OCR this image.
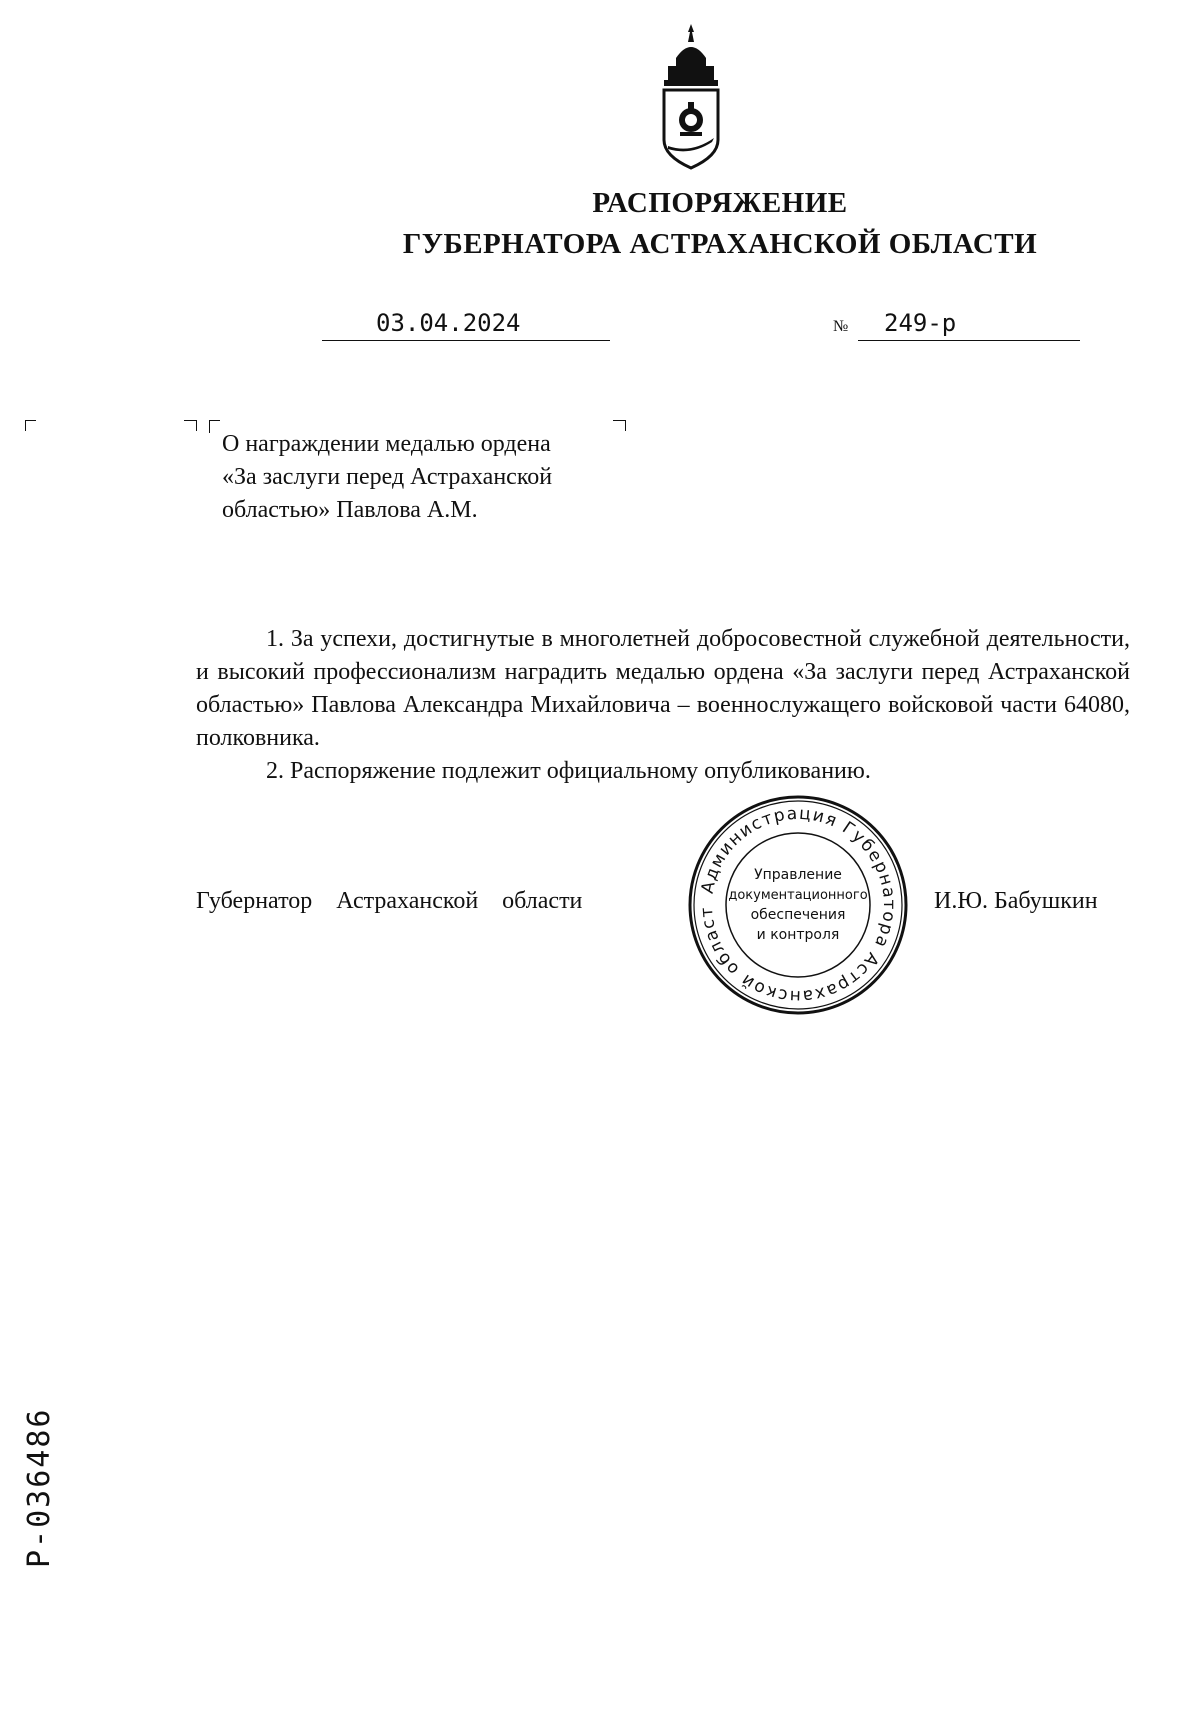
РАСПОРЯЖЕНИЕ
ГУБЕРНАТОРА АСТРАХАНСКОЙ ОБЛАСТИ
03.04.2024	№ 249-р
О награждении медалью ордена
«За заслуги перед Астраханской
областью» Павлова А.М.

1. За успехи, достигнутые в многолетней добросовестной служебной деятельности, и высокий профессионализм наградить медалью ордена «За заслуги перед Астраханской областью» Павлова Александра Михайловича – военнослужащего войсковой части 64080, полковника.

2. Распоряжение подлежит официальному опубликованию.

Губернатор Астраханской области	И.Ю. Бабушкин
Администрация Губернатора Астраханской област
Управление
документационного
обеспечения
и контроля
Р-036486
